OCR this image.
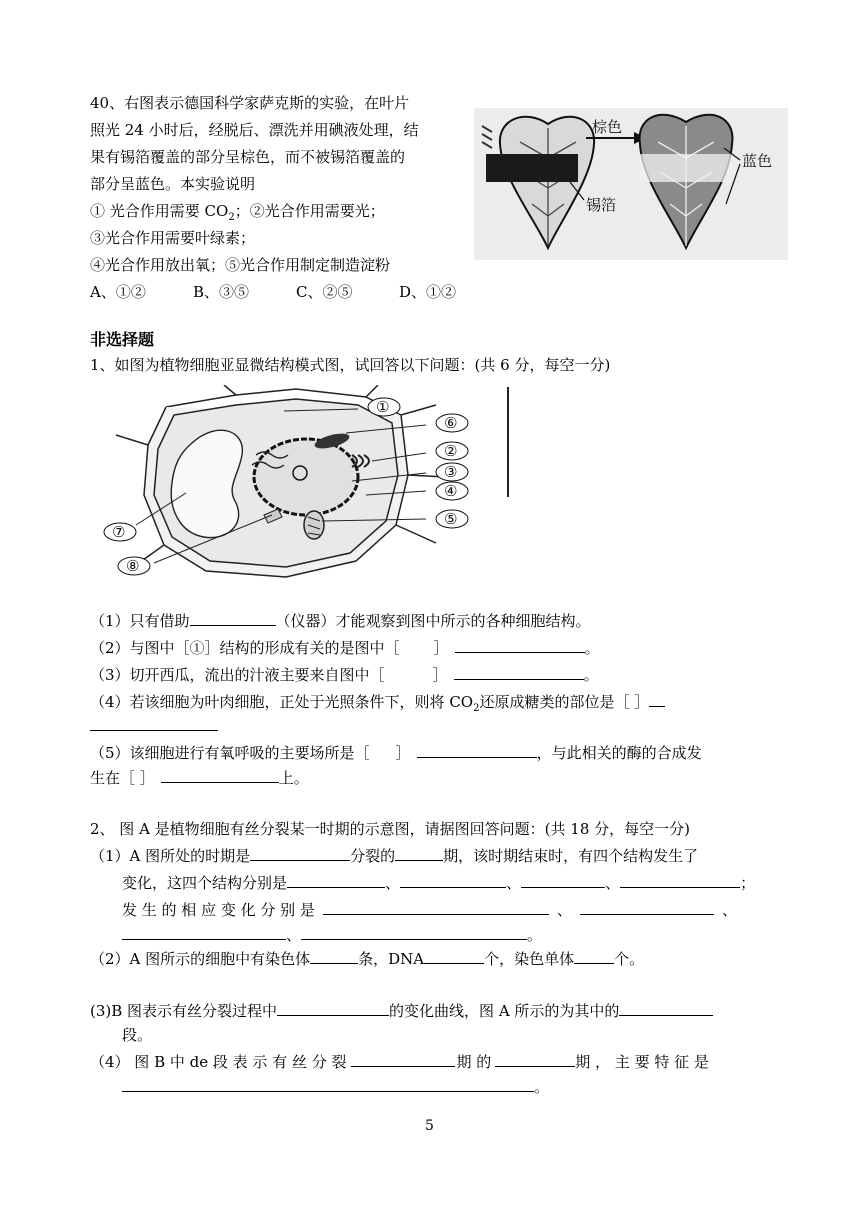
40、右图表示德国科学家萨克斯的实验，在叶片
照光 24 小时后，经脱后、漂洗并用碘液处理，结
果有锡箔覆盖的部分呈棕色，而不被锡箔覆盖的
部分呈蓝色。本实验说明
① 光合作用需要 $CO_2$；②光合作用需要光；
③光合作用需要叶绿素；
④光合作用放出氧；⑤光合作用制定制造淀粉
A、①②	B、③⑤	C、②⑤	D、①②
棕色
蓝色
锡箔
非选择题
1、如图为植物细胞亚显微结构模式图，试回答以下问题：(共 6 分，每空一分)
①
⑥
②
③
④
⑤
⑦
⑧
（1）只有借助	（仪器）才能观察到图中所示的各种细胞结构。
（2）与图中［①］结构的形成有关的是图中［ ］	。
（3）切开西瓜，流出的汁液主要来自图中［	］	。
（4）若该细胞为叶肉细胞，正处于光照条件下，则将 $CO_2$还原成糖类的部位是［ ］
（5）该细胞进行有氧呼吸的主要场所是［ ］	，与此相关的酶的合成发
生在［ ］	上。
2、 图 A 是植物细胞有丝分裂某一时期的示意图，请据图回答问题：(共 18 分，每空一分)
（1）A 图所处的时期是	分裂的	期，该时期结束时，有四个结构发生了
变化，这四个结构分别是	、	、	、	；
发 生 的 相 应 变 化 分 别 是	、	、
、	。
（2）A 图所示的细胞中有染色体	条，DNA	个，染色单体	个。
(3)B 图表示有丝分裂过程中	的变化曲线，图 A 所示的为其中的
段。
（4） 图 B 中 de 段 表 示 有 丝 分 裂	期 的	期 ， 主 要 特 征 是
。
5
